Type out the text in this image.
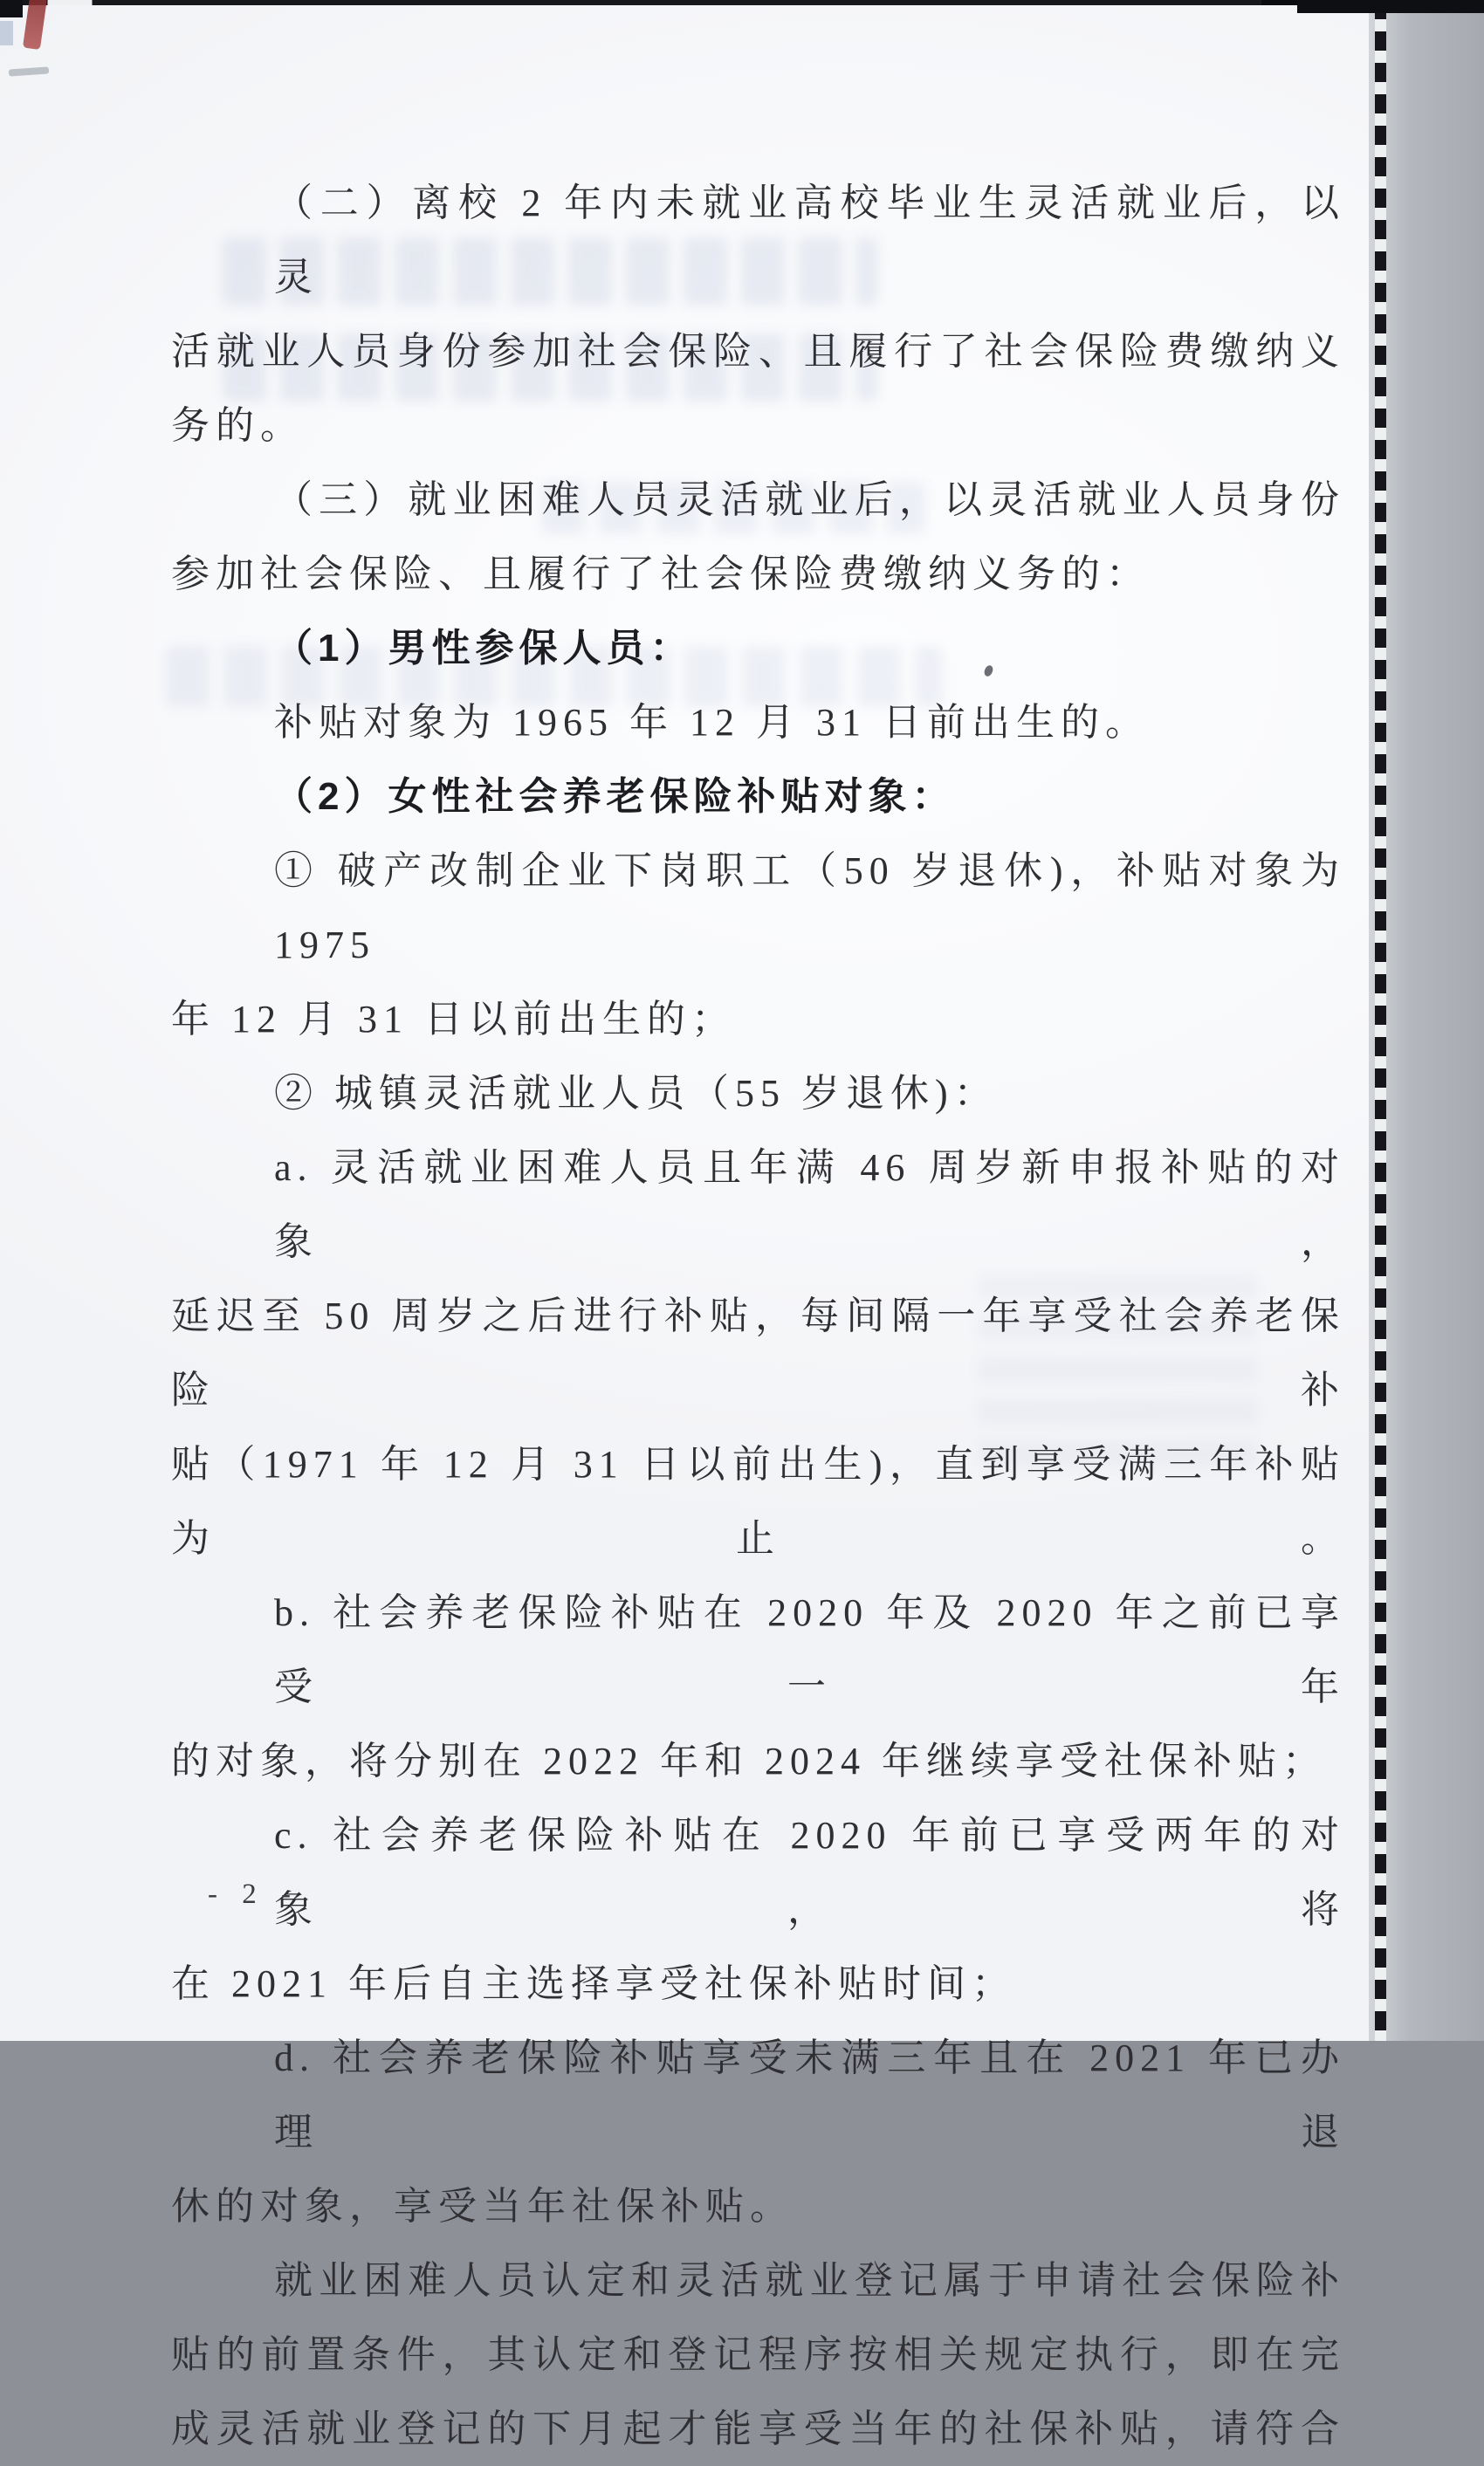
（二）离校 2 年内未就业高校毕业生灵活就业后，以灵
活就业人员身份参加社会保险、且履行了社会保险费缴纳义
务的。
（三）就业困难人员灵活就业后，以灵活就业人员身份
参加社会保险、且履行了社会保险费缴纳义务的：
（1）男性参保人员：
补贴对象为 1965 年 12 月 31 日前出生的。
（2）女性社会养老保险补贴对象：
① 破产改制企业下岗职工（50 岁退休)，补贴对象为 1975
年 12 月 31 日以前出生的；
② 城镇灵活就业人员（55 岁退休)：
a. 灵活就业困难人员且年满 46 周岁新申报补贴的对象，
延迟至 50 周岁之后进行补贴，每间隔一年享受社会养老保险补
贴（1971 年 12 月 31 日以前出生)，直到享受满三年补贴为止。
b. 社会养老保险补贴在 2020 年及 2020 年之前已享受一年
的对象，将分别在 2022 年和 2024 年继续享受社保补贴；
c. 社会养老保险补贴在 2020 年前已享受两年的对象，将
在 2021 年后自主选择享受社保补贴时间；
d. 社会养老保险补贴享受未满三年且在 2021 年已办理退
休的对象，享受当年社保补贴。
就业困难人员认定和灵活就业登记属于申请社会保险补
贴的前置条件，其认定和登记程序按相关规定执行，即在完
成灵活就业登记的下月起才能享受当年的社保补贴，请符合
- 2 -
